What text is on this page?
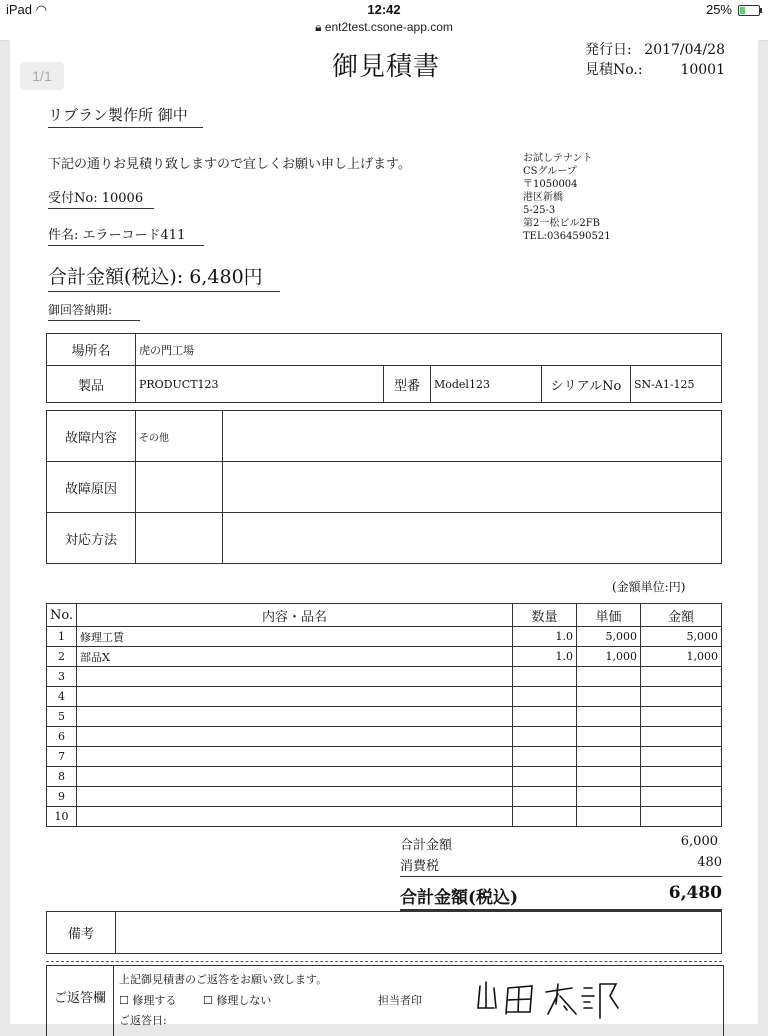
iPad ◠	12:42	25%
🔒︎ ent2test.csone-app.com
1/1	御見積書
発行日: 2017/04/28
見積No.:	10001
リブラン製作所 御中
下記の通りお見積り致しますので宜しくお願い申し上げます。
受付No: 10006
件名: エラーコード411
お試しテナント
CSグループ
〒1050004
港区新橋
5-25-3
第2一松ビル2FB
TEL:0364590521
合計金額(税込): 6,480円
御回答納期:
場所名	虎の門工場				
製品	PRODUCT123	型番	Model123	シリアルNo	SN-A1-125
故障内容	その他	
故障原因		
対応方法		
(金額単位:円)
No.	内容・品名	数量	単価	金額
1	修理工賃	1.0	5,000	5,000
2	部品X	1.0	1,000	1,000
3				
4				
5				
6				
7				
8				
9				
10				
合計金額	6,000
消費税	480
合計金額(税込)	6,480
備考	
ご返答欄
上記御見積書のご返答をお願い致します。
☐ 修理する ☐ 修理しない
ご返答日:
担当者印
